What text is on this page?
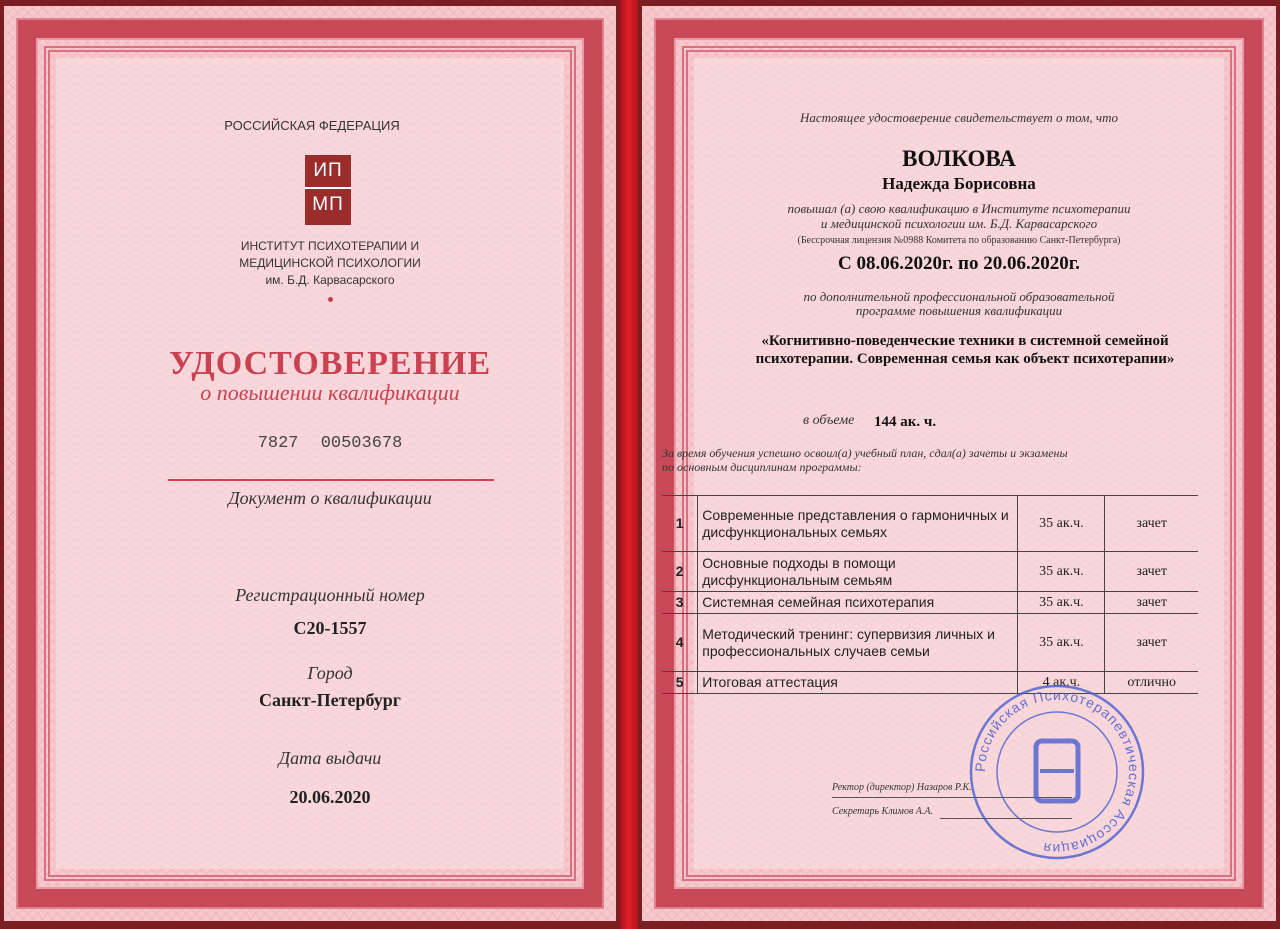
РОССИЙСКАЯ ФЕДЕРАЦИЯ
ИП
МП
ИНСТИТУТ ПСИХОТЕРАПИИ И
МЕДИЦИНСКОЙ ПСИХОЛОГИИ
им. Б.Д. Карвасарского
УДОСТОВЕРЕНИЕ
о повышении квалификации
7827 00503678
Документ о квалификации
Регистрационный номер
С20-1557
Город
Санкт-Петербург
Дата выдачи
20.06.2020
Настоящее удостоверение свидетельствует о том, что
ВОЛКОВА
Надежда Борисовна
повышал (а) свою квалификацию в Институте психотерапии
и медицинской психологии им. Б.Д. Карвасарского
(Бессрочная лицензия №0988 Комитета по образованию Санкт-Петербурга)
С 08.06.2020г. по 20.06.2020г.
по дополнительной профессиональной образовательной
программе повышения квалификации
«Когнитивно-поведенческие техники в системной семейной
психотерапии. Современная семья как объект психотерапии»
в объеме 144 ак. ч.
За время обучения успешно освоил(а) учебный план, сдал(а) зачеты и экзамены
по основным дисциплинам программы:
1	Современные представления о гармоничных и дисфункциональных семьях	35 ак.ч.	зачет
2	Основные подходы в помощи дисфункциональным семьям	35 ак.ч.	зачет
3	Системная семейная психотерапия	35 ак.ч.	зачет
4	Методический тренинг: супервизия личных и профессиональных случаев семьи	35 ак.ч.	зачет
5	Итоговая аттестация	4 ак.ч.	отлично
Ректор (директор) Назаров Р.К.
Секретарь Климов А.А.
Российская Психотерапевтическая Ассоциация
